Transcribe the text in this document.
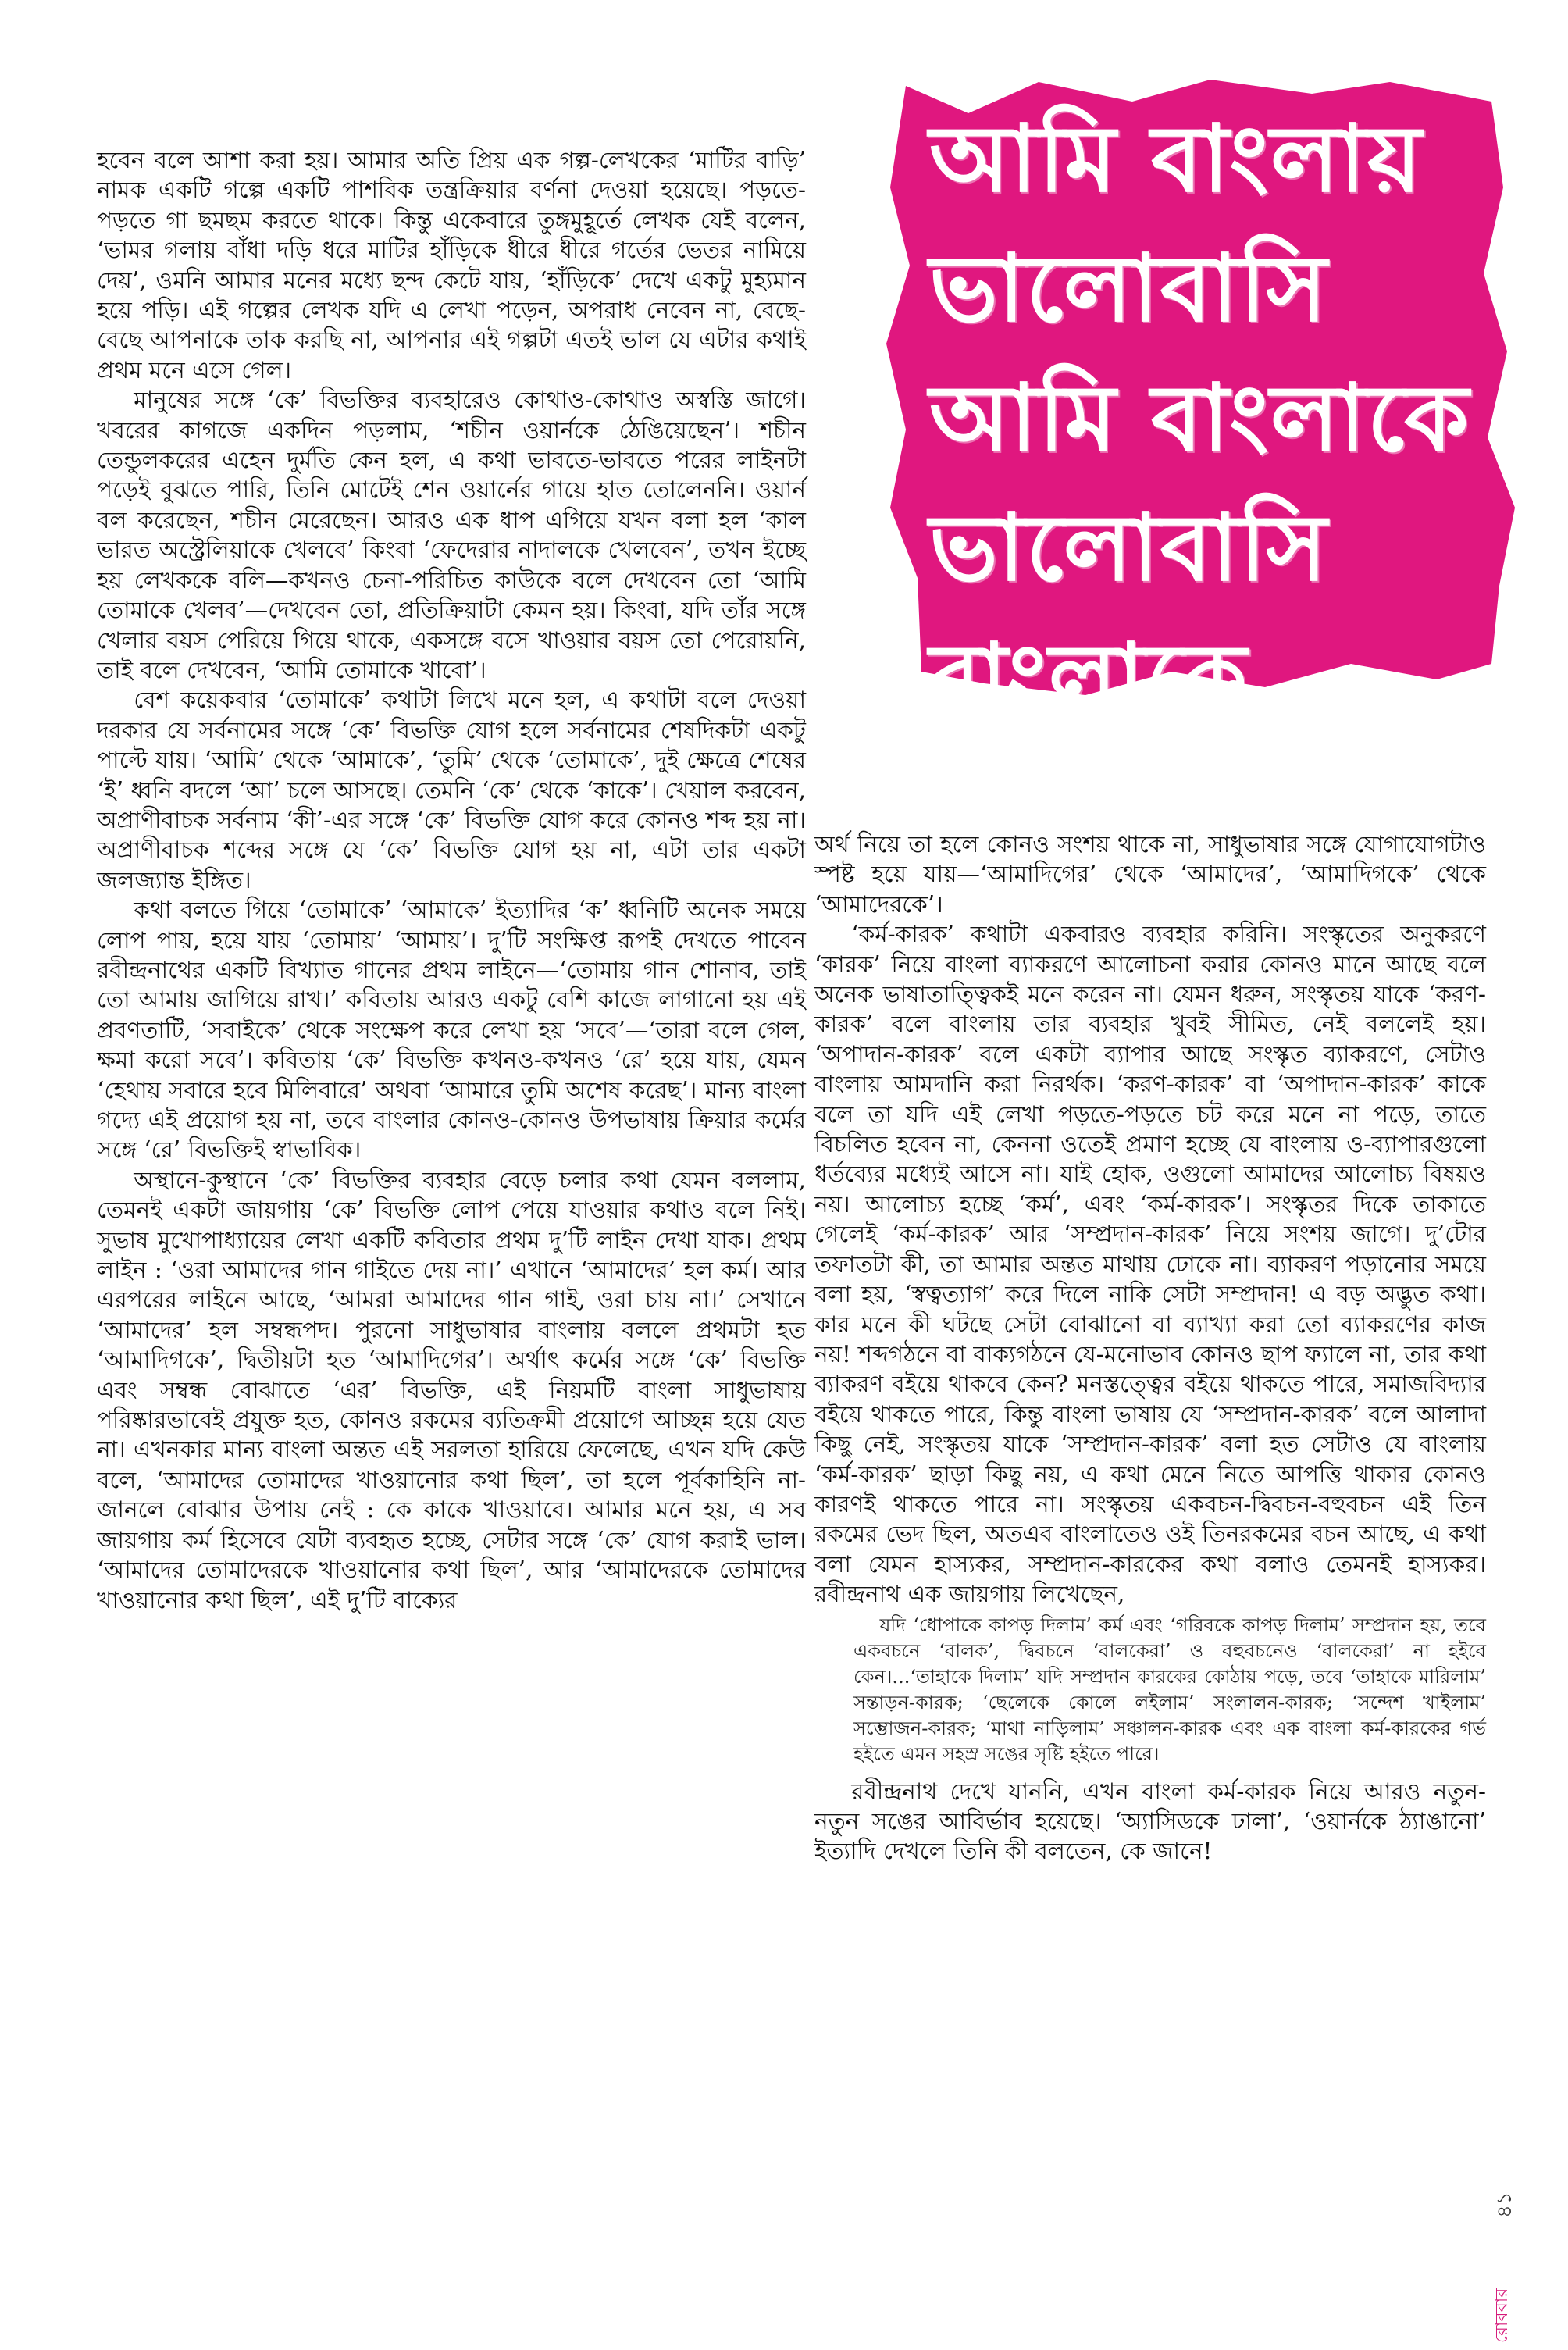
আমি বাংলায়
ভালোবাসি
আমি বাংলাকে
ভালোবাসি
বাংলাকে

হবেন বলে আশা করা হয়। আমার অতি প্রিয় এক গল্প-লেখকের ‘মাটির বাড়ি’ নামক একটি গল্পে একটি পাশবিক তন্ত্রক্রিয়ার বর্ণনা দেওয়া হয়েছে। পড়তে-পড়তে গা ছমছম করতে থাকে। কিন্তু একেবারে তুঙ্গমুহূর্তে লেখক যেই বলেন, ‘ভামর গলায় বাঁধা দড়ি ধরে মাটির হাঁড়িকে ধীরে ধীরে গর্তের ভেতর নামিয়ে দেয়’, ওমনি আমার মনের মধ্যে ছন্দ কেটে যায়, ‘হাঁড়িকে’ দেখে একটু মুহ্যমান হয়ে পড়ি। এই গল্পের লেখক যদি এ লেখা পড়েন, অপরাধ নেবেন না, বেছে-বেছে আপনাকে তাক করছি না, আপনার এই গল্পটা এতই ভাল যে এটার কথাই প্রথম মনে এসে গেল।

মানুষের সঙ্গে ‘কে’ বিভক্তির ব্যবহারেও কোথাও-কোথাও অস্বস্তি জাগে। খবরের কাগজে একদিন পড়লাম, ‘শচীন ওয়ার্নকে ঠেঙিয়েছেন’। শচীন তেন্ডুলকরের এহেন দুর্মতি কেন হল, এ কথা ভাবতে-ভাবতে পরের লাইনটা পড়েই বুঝতে পারি, তিনি মোটেই শেন ওয়ার্নের গায়ে হাত তোলেননি। ওয়ার্ন বল করেছেন, শচীন মেরেছেন। আরও এক ধাপ এগিয়ে যখন বলা হল ‘কাল ভারত অস্ট্রেলিয়াকে খেলবে’ কিংবা ‘ফেদেরার নাদালকে খেলবেন’, তখন ইচ্ছে হয় লেখককে বলি—কখনও চেনা-পরিচিত কাউকে বলে দেখবেন তো ‘আমি তোমাকে খেলব’—দেখবেন তো, প্রতিক্রিয়াটা কেমন হয়। কিংবা, যদি তাঁর সঙ্গে খেলার বয়স পেরিয়ে গিয়ে থাকে, একসঙ্গে বসে খাওয়ার বয়স তো পেরোয়নি, তাই বলে দেখবেন, ‘আমি তোমাকে খাবো’।

বেশ কয়েকবার ‘তোমাকে’ কথাটা লিখে মনে হল, এ কথাটা বলে দেওয়া দরকার যে সর্বনামের সঙ্গে ‘কে’ বিভক্তি যোগ হলে সর্বনামের শেষদিকটা একটু পাল্টে যায়। ‘আমি’ থেকে ‘আমাকে’, ‘তুমি’ থেকে ‘তোমাকে’, দুই ক্ষেত্রে শেষের ‘ই’ ধ্বনি বদলে ‘আ’ চলে আসছে। তেমনি ‘কে’ থেকে ‘কাকে’। খেয়াল করবেন, অপ্রাণীবাচক সর্বনাম ‘কী’-এর সঙ্গে ‘কে’ বিভক্তি যোগ করে কোনও শব্দ হয় না। অপ্রাণীবাচক শব্দের সঙ্গে যে ‘কে’ বিভক্তি যোগ হয় না, এটা তার একটা জলজ্যান্ত ইঙ্গিত।

কথা বলতে গিয়ে ‘তোমাকে’ ‘আমাকে’ ইত্যাদির ‘ক’ ধ্বনিটি অনেক সময়ে লোপ পায়, হয়ে যায় ‘তোমায়’ ‘আমায়’। দু’টি সংক্ষিপ্ত রূপই দেখতে পাবেন রবীন্দ্রনাথের একটি বিখ্যাত গানের প্রথম লাইনে—‘তোমায় গান শোনাব, তাই তো আমায় জাগিয়ে রাখ।’ কবিতায় আরও একটু বেশি কাজে লাগানো হয় এই প্রবণতাটি, ‘সবাইকে’ থেকে সংক্ষেপ করে লেখা হয় ‘সবে’—‘তারা বলে গেল, ক্ষমা করো সবে’। কবিতায় ‘কে’ বিভক্তি কখনও-কখনও ‘রে’ হয়ে যায়, যেমন ‘হেথায় সবারে হবে মিলিবারে’ অথবা ‘আমারে তুমি অশেষ করেছ’। মান্য বাংলা গদ্যে এই প্রয়োগ হয় না, তবে বাংলার কোনও-কোনও উপভাষায় ক্রিয়ার কর্মের সঙ্গে ‘রে’ বিভক্তিই স্বাভাবিক।

অস্থানে-কুস্থানে ‘কে’ বিভক্তির ব্যবহার বেড়ে চলার কথা যেমন বললাম, তেমনই একটা জায়গায় ‘কে’ বিভক্তি লোপ পেয়ে যাওয়ার কথাও বলে নিই। সুভাষ মুখোপাধ্যায়ের লেখা একটি কবিতার প্রথম দু’টি লাইন দেখা যাক। প্রথম লাইন : ‘ওরা আমাদের গান গাইতে দেয় না।’ এখানে ‘আমাদের’ হল কর্ম। আর এরপরের লাইনে আছে, ‘আমরা আমাদের গান গাই, ওরা চায় না।’ সেখানে ‘আমাদের’ হল সম্বন্ধপদ। পুরনো সাধুভাষার বাংলায় বললে প্রথমটা হত ‘আমাদিগকে’, দ্বিতীয়টা হত ‘আমাদিগের’। অর্থাৎ কর্মের সঙ্গে ‘কে’ বিভক্তি এবং সম্বন্ধ বোঝাতে ‘এর’ বিভক্তি, এই নিয়মটি বাংলা সাধুভাষায় পরিষ্কারভাবেই প্রযুক্ত হত, কোনও রকমের ব্যতিক্রমী প্রয়োগে আচ্ছন্ন হয়ে যেত না। এখনকার মান্য বাংলা অন্তত এই সরলতা হারিয়ে ফেলেছে, এখন যদি কেউ বলে, ‘আমাদের তোমাদের খাওয়ানোর কথা ছিল’, তা হলে পূর্বকাহিনি না-জানলে বোঝার উপায় নেই : কে কাকে খাওয়াবে। আমার মনে হয়, এ সব জায়গায় কর্ম হিসেবে যেটা ব্যবহৃত হচ্ছে, সেটার সঙ্গে ‘কে’ যোগ করাই ভাল। ‘আমাদের তোমাদেরকে খাওয়ানোর কথা ছিল’, আর ‘আমাদেরকে তোমাদের খাওয়ানোর কথা ছিল’, এই দু’টি বাক্যের

অর্থ নিয়ে তা হলে কোনও সংশয় থাকে না, সাধুভাষার সঙ্গে যোগাযোগটাও স্পষ্ট হয়ে যায়—‘আমাদিগের’ থেকে ‘আমাদের’, ‘আমাদিগকে’ থেকে ‘আমাদেরকে’।

‘কর্ম-কারক’ কথাটা একবারও ব্যবহার করিনি। সংস্কৃতের অনুকরণে ‘কারক’ নিয়ে বাংলা ব্যাকরণে আলোচনা করার কোনও মানে আছে বলে অনেক ভাষাতাত্ত্বিকই মনে করেন না। যেমন ধরুন, সংস্কৃতয় যাকে ‘করণ-কারক’ বলে বাংলায় তার ব্যবহার খুবই সীমিত, নেই বললেই হয়। ‘অপাদান-কারক’ বলে একটা ব্যাপার আছে সংস্কৃত ব্যাকরণে, সেটাও বাংলায় আমদানি করা নিরর্থক। ‘করণ-কারক’ বা ‘অপাদান-কারক’ কাকে বলে তা যদি এই লেখা পড়তে-পড়তে চট করে মনে না পড়ে, তাতে বিচলিত হবেন না, কেননা ওতেই প্রমাণ হচ্ছে যে বাংলায় ও-ব্যাপারগুলো ধর্তব্যের মধ্যেই আসে না। যাই হোক, ওগুলো আমাদের আলোচ্য বিষয়ও নয়। আলোচ্য হচ্ছে ‘কর্ম’, এবং ‘কর্ম-কারক’। সংস্কৃতর দিকে তাকাতে গেলেই ‘কর্ম-কারক’ আর ‘সম্প্রদান-কারক’ নিয়ে সংশয় জাগে। দু’টোর তফাতটা কী, তা আমার অন্তত মাথায় ঢোকে না। ব্যাকরণ পড়ানোর সময়ে বলা হয়, ‘স্বত্বত্যাগ’ করে দিলে নাকি সেটা সম্প্রদান! এ বড় অদ্ভুত কথা। কার মনে কী ঘটছে সেটা বোঝানো বা ব্যাখ্যা করা তো ব্যাকরণের কাজ নয়! শব্দগঠনে বা বাক্যগঠনে যে-মনোভাব কোনও ছাপ ফ্যালে না, তার কথা ব্যাকরণ বইয়ে থাকবে কেন? মনস্তত্ত্বের বইয়ে থাকতে পারে, সমাজবিদ্যার বইয়ে থাকতে পারে, কিন্তু বাংলা ভাষায় যে ‘সম্প্রদান-কারক’ বলে আলাদা কিছু নেই, সংস্কৃতয় যাকে ‘সম্প্রদান-কারক’ বলা হত সেটাও যে বাংলায় ‘কর্ম-কারক’ ছাড়া কিছু নয়, এ কথা মেনে নিতে আপত্তি থাকার কোনও কারণই থাকতে পারে না। সংস্কৃতয় একবচন-দ্বিবচন-বহুবচন এই তিন রকমের ভেদ ছিল, অতএব বাংলাতেও ওই তিনরকমের বচন আছে, এ কথা বলা যেমন হাস্যকর, সম্প্রদান-কারকের কথা বলাও তেমনই হাস্যকর। রবীন্দ্রনাথ এক জায়গায় লিখেছেন,

যদি ‘ধোপাকে কাপড় দিলাম’ কর্ম এবং ‘গরিবকে কাপড় দিলাম’ সম্প্রদান হয়, তবে একবচনে ‘বালক’, দ্বিবচনে ‘বালকেরা’ ও বহুবচনেও ‘বালকেরা’ না হইবে কেন।...‘তাহাকে দিলাম’ যদি সম্প্রদান কারকের কোঠায় পড়ে, তবে ‘তাহাকে মারিলাম’ সন্তাড়ন-কারক; ‘ছেলেকে কোলে লইলাম’ সংলালন-কারক; ‘সন্দেশ খাইলাম’ সম্ভোজন-কারক; ‘মাথা নাড়িলাম’ সঞ্চালন-কারক এবং এক বাংলা কর্ম-কারকের গর্ভ হইতে এমন সহস্র সঙের সৃষ্টি হইতে পারে।

রবীন্দ্রনাথ দেখে যাননি, এখন বাংলা কর্ম-কারক নিয়ে আরও নতুন-নতুন সঙের আবির্ভাব হয়েছে। ‘অ্যাসিডকে ঢালা’, ‘ওয়ার্নকে ঠ্যাঙানো’ ইত্যাদি দেখলে তিনি কী বলতেন, কে জানে!

৪১
রোববার
